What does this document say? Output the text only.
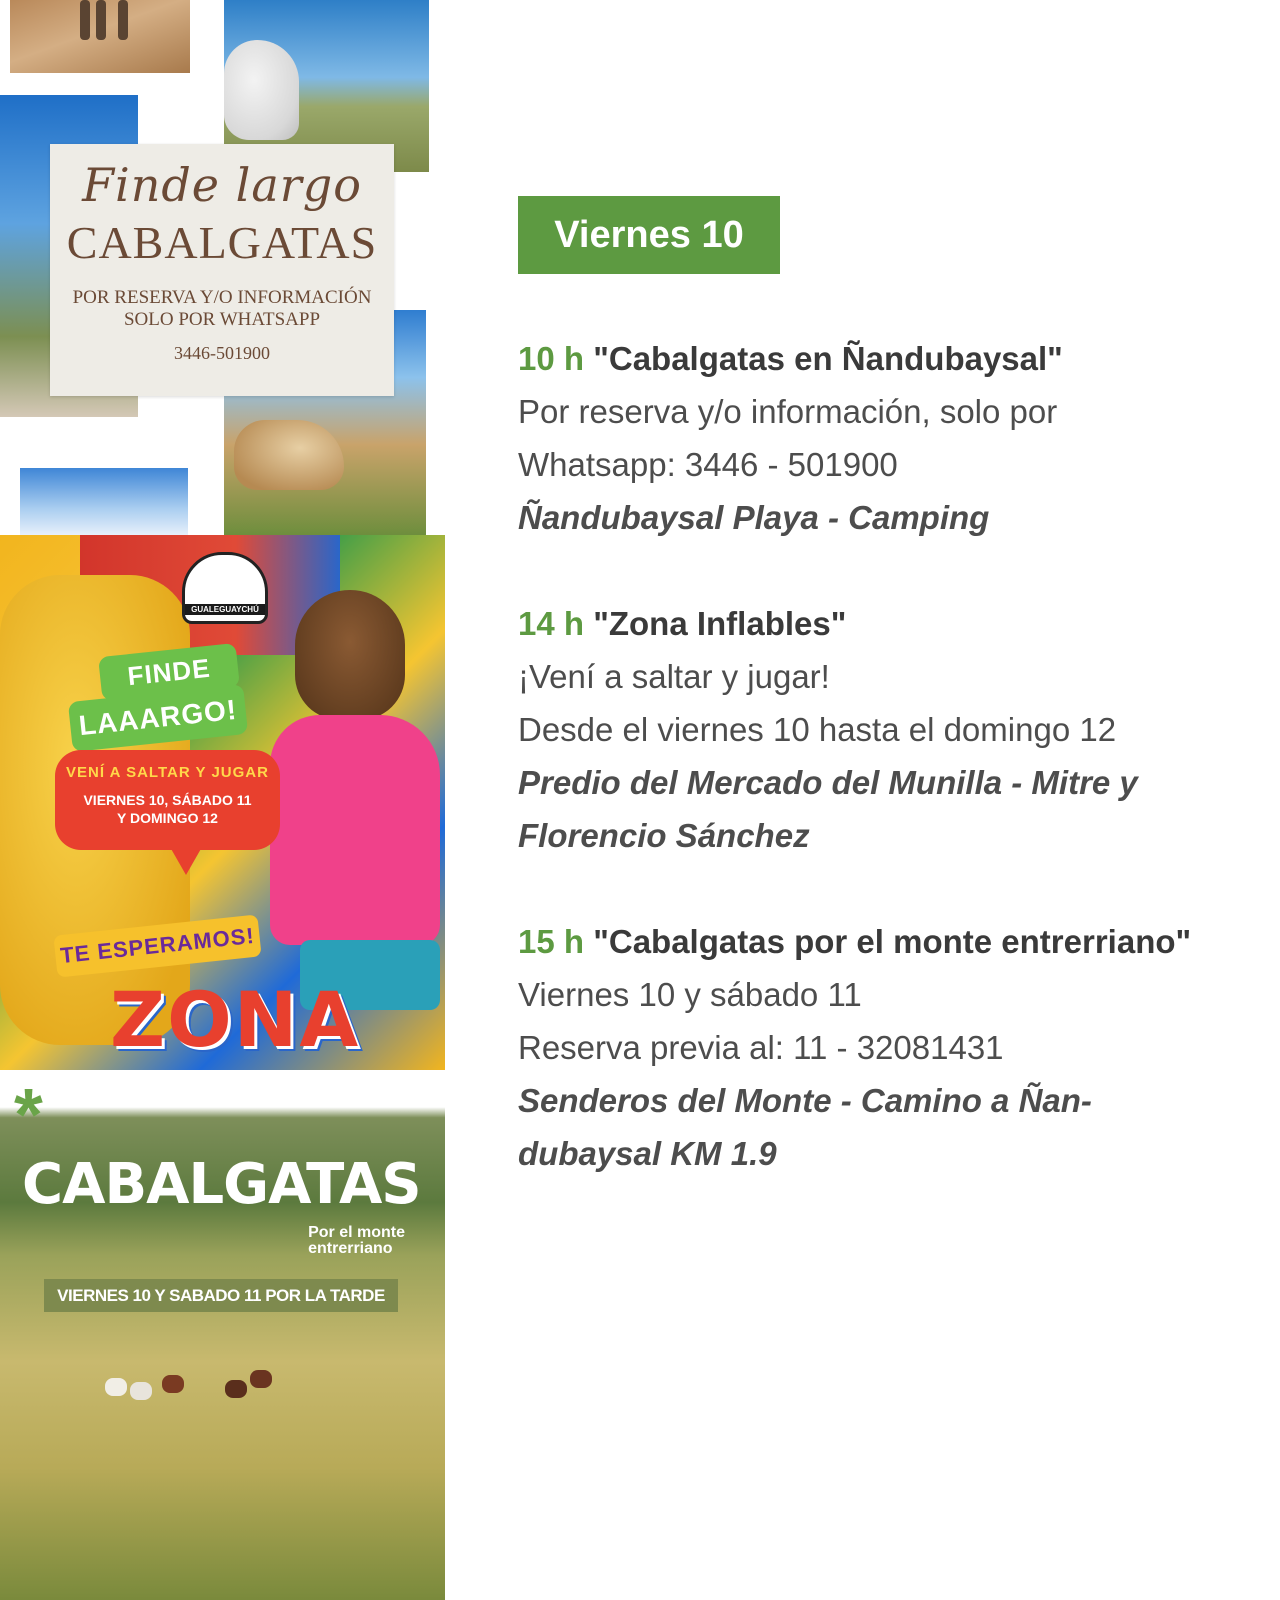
Finde largo
CABALGATAS
POR RESERVA Y/O INFORMACIÓN
SOLO POR WHATSAPP
3446-501900
GUALEGUAYCHÚ
FINDE
LAAARGO!
VENÍ A SALTAR Y JUGAR
VIERNES 10, SÁBADO 11
Y DOMINGO 12
TE ESPERAMOS!
ZONA
*
CABALGATAS
Por el monte
entrerriano
VIERNES 10 Y SABADO 11 POR LA TARDE
Viernes 10
10 h "Cabalgatas en Ñandubaysal"
Por reserva y/o información, solo por
Whatsapp: 3446 - 501900
Ñandubaysal Playa - Camping
14 h "Zona Inflables"
¡Vení a saltar y jugar!
Desde el viernes 10 hasta el domingo 12
Predio del Mercado del Munilla - Mitre y
Florencio Sánchez
15 h "Cabalgatas por el monte entrerriano"
Viernes 10 y sábado 11
Reserva previa al: 11 - 32081431
Senderos del Monte - Camino a Ñan-
dubaysal KM 1.9
